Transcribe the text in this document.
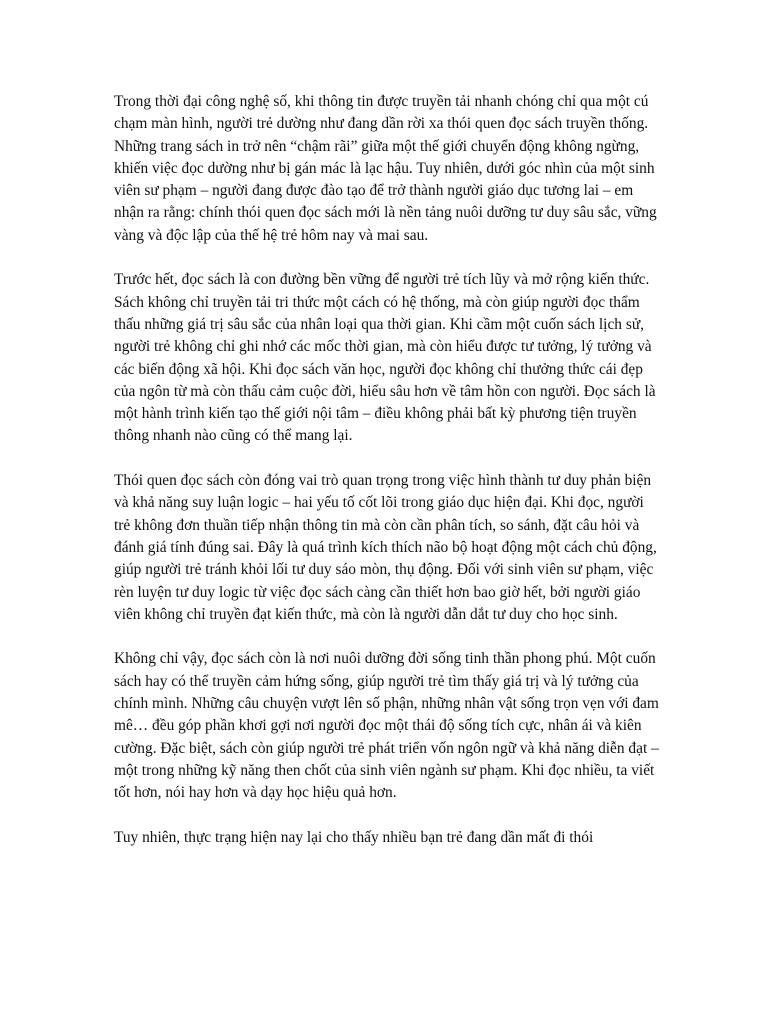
Trong thời đại công nghệ số, khi thông tin được truyền tải nhanh chóng chỉ qua một cú chạm màn hình, người trẻ dường như đang dần rời xa thói quen đọc sách truyền thống. Những trang sách in trở nên “chậm rãi” giữa một thế giới chuyển động không ngừng, khiến việc đọc dường như bị gán mác là lạc hậu. Tuy nhiên, dưới góc nhìn của một sinh viên sư phạm – người đang được đào tạo để trở thành người giáo dục tương lai – em nhận ra rằng: chính thói quen đọc sách mới là nền tảng nuôi dưỡng tư duy sâu sắc, vững vàng và độc lập của thế hệ trẻ hôm nay và mai sau.

Trước hết, đọc sách là con đường bền vững để người trẻ tích lũy và mở rộng kiến thức. Sách không chỉ truyền tải tri thức một cách có hệ thống, mà còn giúp người đọc thẩm thấu những giá trị sâu sắc của nhân loại qua thời gian. Khi cầm một cuốn sách lịch sử, người trẻ không chỉ ghi nhớ các mốc thời gian, mà còn hiểu được tư tưởng, lý tưởng và các biến động xã hội. Khi đọc sách văn học, người đọc không chỉ thưởng thức cái đẹp của ngôn từ mà còn thấu cảm cuộc đời, hiểu sâu hơn về tâm hồn con người. Đọc sách là một hành trình kiến tạo thế giới nội tâm – điều không phải bất kỳ phương tiện truyền thông nhanh nào cũng có thể mang lại.

Thói quen đọc sách còn đóng vai trò quan trọng trong việc hình thành tư duy phản biện và khả năng suy luận logic – hai yếu tố cốt lõi trong giáo dục hiện đại. Khi đọc, người trẻ không đơn thuần tiếp nhận thông tin mà còn cần phân tích, so sánh, đặt câu hỏi và đánh giá tính đúng sai. Đây là quá trình kích thích não bộ hoạt động một cách chủ động, giúp người trẻ tránh khỏi lối tư duy sáo mòn, thụ động. Đối với sinh viên sư phạm, việc rèn luyện tư duy logic từ việc đọc sách càng cần thiết hơn bao giờ hết, bởi người giáo viên không chỉ truyền đạt kiến thức, mà còn là người dẫn dắt tư duy cho học sinh.

Không chỉ vậy, đọc sách còn là nơi nuôi dưỡng đời sống tinh thần phong phú. Một cuốn sách hay có thể truyền cảm hứng sống, giúp người trẻ tìm thấy giá trị và lý tưởng của chính mình. Những câu chuyện vượt lên số phận, những nhân vật sống trọn vẹn với đam mê… đều góp phần khơi gợi nơi người đọc một thái độ sống tích cực, nhân ái và kiên cường. Đặc biệt, sách còn giúp người trẻ phát triển vốn ngôn ngữ và khả năng diễn đạt – một trong những kỹ năng then chốt của sinh viên ngành sư phạm. Khi đọc nhiều, ta viết tốt hơn, nói hay hơn và dạy học hiệu quả hơn.

Tuy nhiên, thực trạng hiện nay lại cho thấy nhiều bạn trẻ đang dần mất đi thói
